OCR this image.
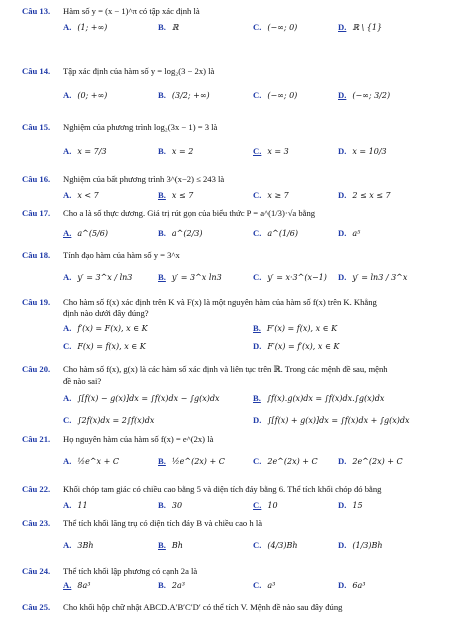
Câu 13.	Hàm số y = (x − 1)^π có tập xác định là
A. (1; +∞)	B. ℝ	C. (−∞; 0)	D. ℝ \ {1}
Câu 14.	Tập xác định của hàm số y = log₂(3 − 2x) là
A. (0; +∞)	B. (3/2; +∞)	C. (−∞; 0)	D. (−∞; 3/2)
Câu 15.	Nghiệm của phương trình log₂(3x − 1) = 3 là
A. x = 7/3	B. x = 2	C. x = 3	D. x = 10/3
Câu 16.	Nghiệm của bất phương trình 3^(x−2) ≤ 243 là
A. x < 7	B. x ≤ 7	C. x ≥ 7	D. 2 ≤ x ≤ 7
Câu 17.	Cho a là số thực dương. Giá trị rút gọn của biểu thức P = a^(1/3)·√a bằng
A. a^(5/6)	B. a^(2/3)	C. a^(1/6)	D. a⁵
Câu 18.	Tính đạo hàm của hàm số y = 3^x
A. y′ = 3^x / ln3	B. y′ = 3^x ln3	C. y′ = x·3^(x−1) D. y′ = ln3 / 3^x
Câu 19.	Cho hàm số f(x) xác định trên K và F(x) là một nguyên hàm của hàm số f(x) trên K. Khẳng
định nào dưới đây đúng?
A. f′(x) = F(x), x ∈ K	B. F′(x) = f(x), x ∈ K
C. F(x) = f(x), x ∈ K	D. F′(x) = f′(x), x ∈ K
Câu 20.	Cho hàm số f(x), g(x) là các hàm số xác định và liên tục trên ℝ. Trong các mệnh đề sau, mệnh
đề nào sai?
A. ∫[f(x) − g(x)]dx = ∫f(x)dx − ∫g(x)dx	B. ∫f(x).g(x)dx = ∫f(x)dx.∫g(x)dx
C. ∫2f(x)dx = 2∫f(x)dx	D. ∫[f(x) + g(x)]dx = ∫f(x)dx + ∫g(x)dx
Câu 21.	Họ nguyên hàm của hàm số f(x) = e^(2x) là
A. ½e^x + C	B. ½e^(2x) + C	C. 2e^(2x) + C D. 2e^(2x) + C
Câu 22.	Khối chóp tam giác có chiều cao bằng 5 và diện tích đáy bằng 6. Thể tích khối chóp đó bằng
A. 11	B. 30	C. 10	D. 15
Câu 23.	Thể tích khối lăng trụ có diện tích đáy B và chiều cao h là
A. 3Bh	B. Bh	C. (4/3)Bh	D. (1/3)Bh
Câu 24.	Thể tích khối lập phương có cạnh 2a là
A. 8a³	B. 2a³	C. a³	D. 6a³
Câu 25.	Cho khối hộp chữ nhật ABCD.A′B′C′D′ có thể tích V. Mệnh đề nào sau đây đúng
